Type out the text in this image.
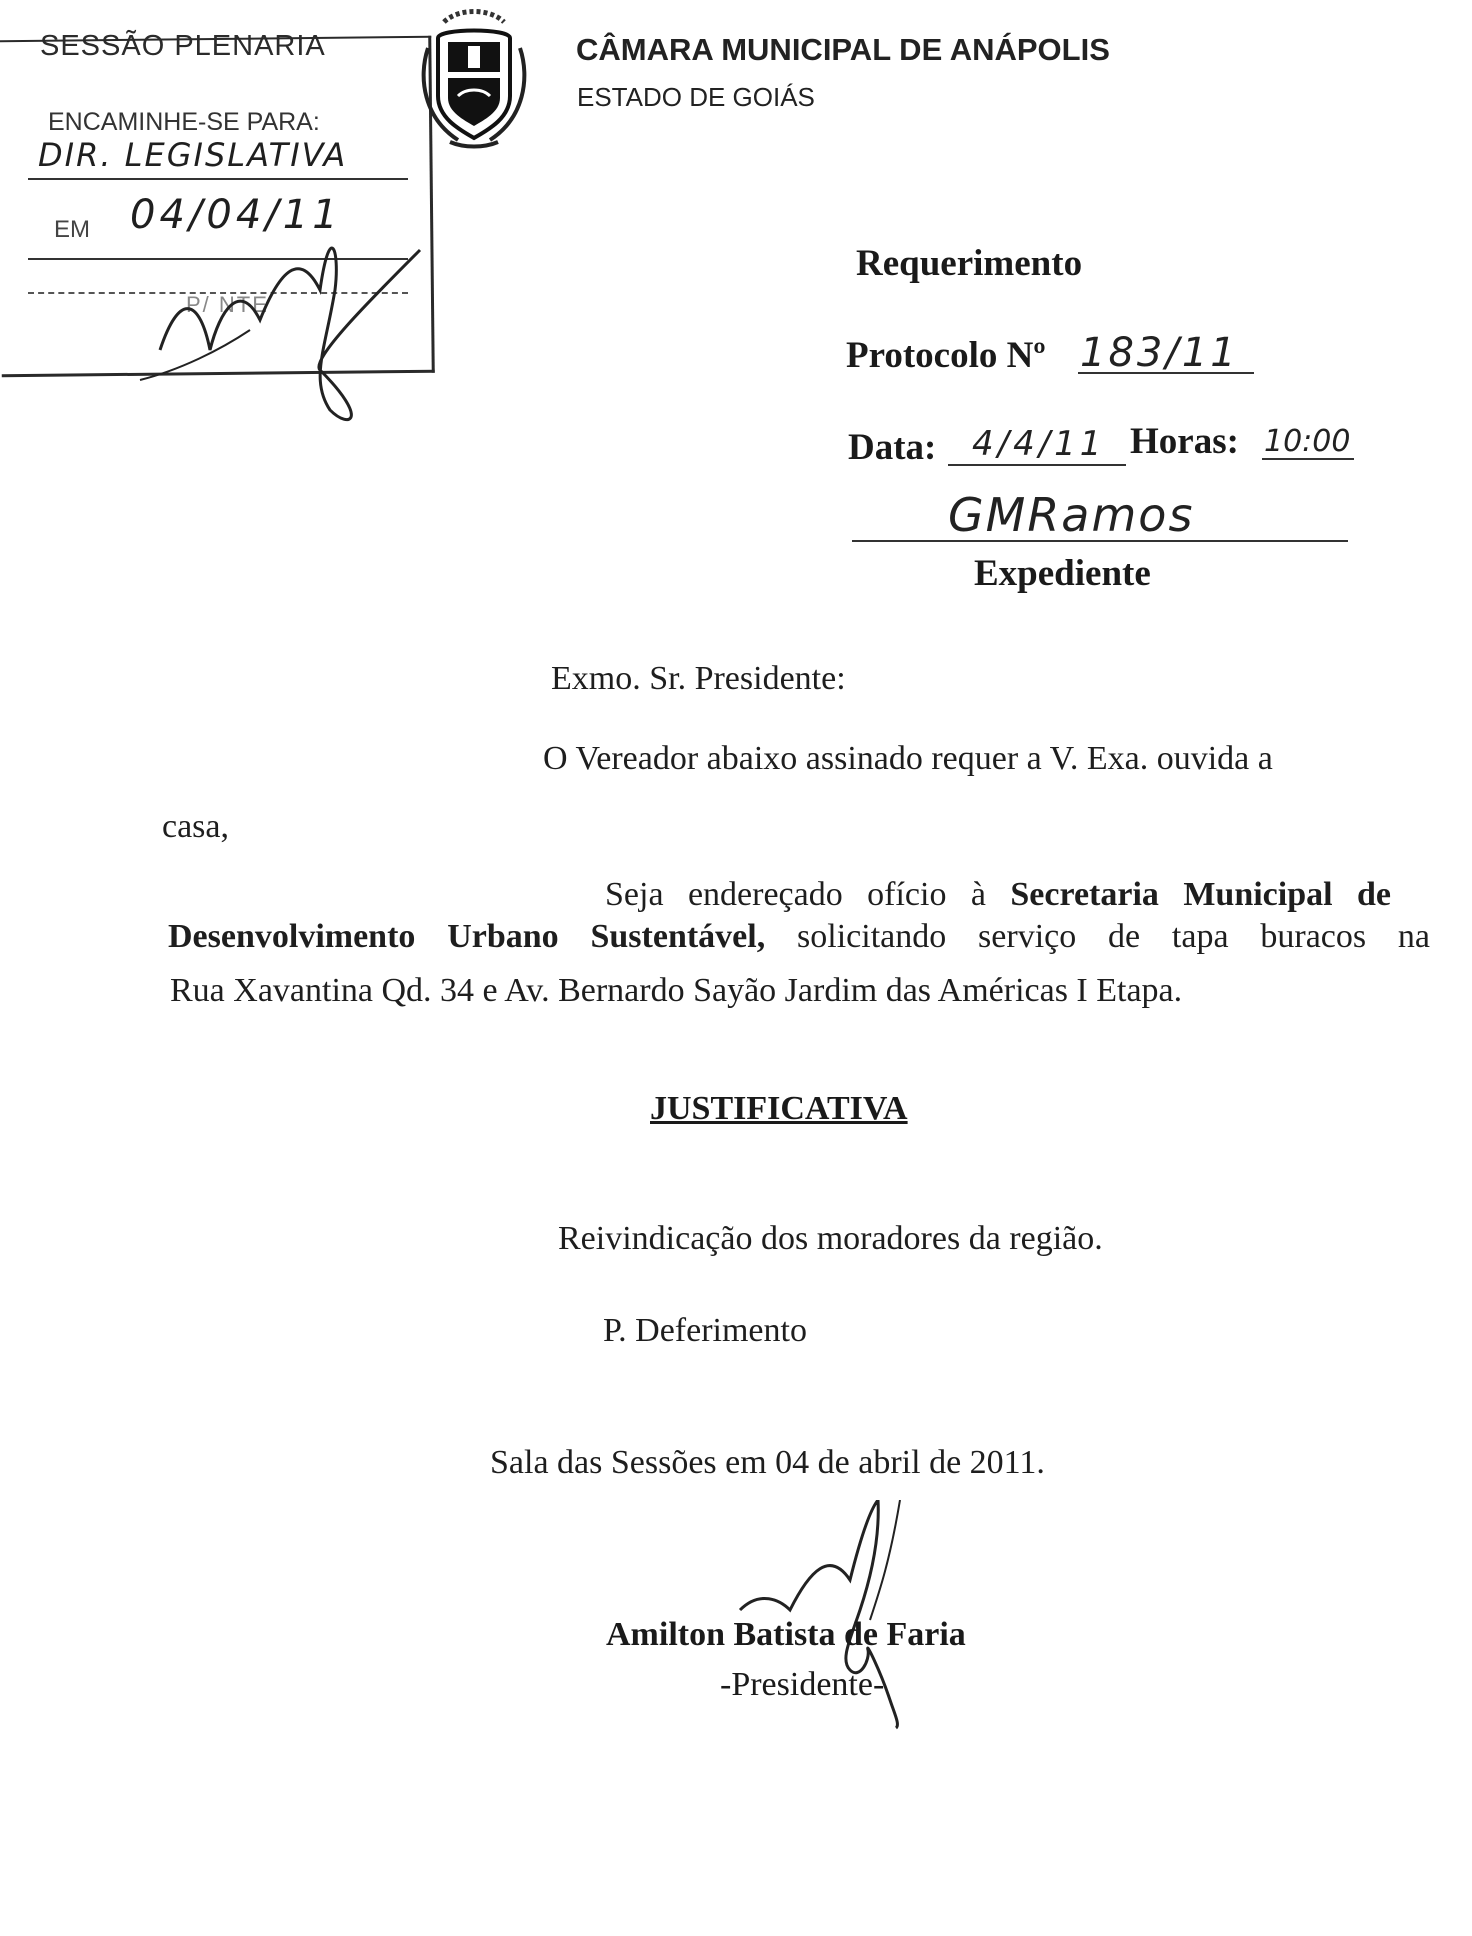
SESSÃO PLENARIA
ENCAMINHE-SE PARA:
DIR. LEGISLATIVA
EM 04/04/11
P/ NTE
CÂMARA MUNICIPAL DE ANÁPOLIS
ESTADO DE GOIÁS
Requerimento
Protocolo Nº 183/11
Data: 4/4/11 Horas: 10:00
GMRamos
Expediente
Exmo. Sr. Presidente:
O Vereador abaixo assinado requer a V. Exa. ouvida a
casa,
Seja endereçado ofício à Secretaria Municipal de
Desenvolvimento Urbano Sustentável, solicitando serviço de tapa buracos na
Rua Xavantina Qd. 34 e Av. Bernardo Sayão Jardim das Américas I Etapa.
JUSTIFICATIVA
Reivindicação dos moradores da região.
P. Deferimento
Sala das Sessões em 04 de abril de 2011.
Amilton Batista de Faria
-Presidente-
